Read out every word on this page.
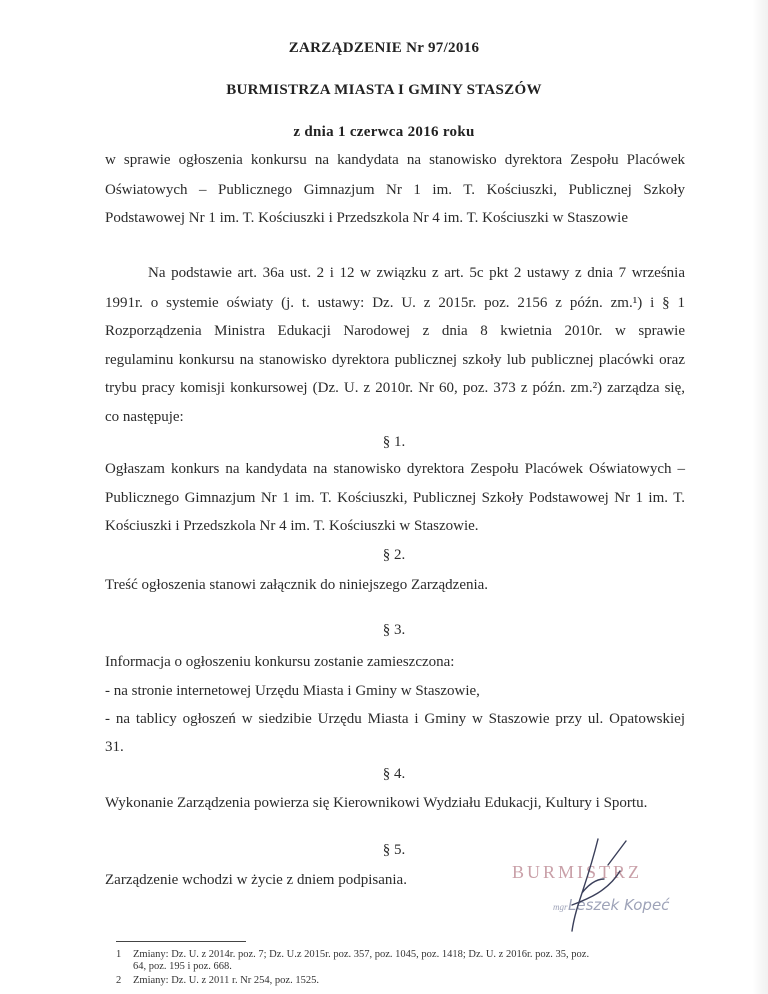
ZARZĄDZENIE Nr 97/2016
BURMISTRZA MIASTA I GMINY STASZÓW
z dnia 1 czerwca 2016 roku
w sprawie ogłoszenia konkursu na kandydata na stanowisko dyrektora Zespołu Placówek
Oświatowych – Publicznego Gimnazjum Nr 1 im. T. Kościuszki, Publicznej Szkoły
Podstawowej Nr 1 im. T. Kościuszki i Przedszkola Nr 4 im. T. Kościuszki w Staszowie
Na podstawie art. 36a ust. 2 i 12 w związku z art. 5c pkt 2 ustawy z dnia 7 września
1991r. o systemie oświaty (j. t. ustawy: Dz. U. z 2015r. poz. 2156 z późn. zm.¹) i § 1
Rozporządzenia Ministra Edukacji Narodowej z dnia 8 kwietnia 2010r. w sprawie
regulaminu konkursu na stanowisko dyrektora publicznej szkoły lub publicznej placówki oraz
trybu pracy komisji konkursowej (Dz. U. z 2010r. Nr 60, poz. 373 z późn. zm.²) zarządza się,
co następuje:
§ 1.
Ogłaszam konkurs na kandydata na stanowisko dyrektora Zespołu Placówek Oświatowych –
Publicznego Gimnazjum Nr 1 im. T. Kościuszki, Publicznej Szkoły Podstawowej Nr 1 im. T.
Kościuszki i Przedszkola Nr 4 im. T. Kościuszki w Staszowie.
§ 2.
Treść ogłoszenia stanowi załącznik do niniejszego Zarządzenia.
§ 3.
Informacja o ogłoszeniu konkursu zostanie zamieszczona:
- na stronie internetowej Urzędu Miasta i Gminy w Staszowie,
- na tablicy ogłoszeń w siedzibie Urzędu Miasta i Gminy w Staszowie przy ul. Opatowskiej
31.
§ 4.
Wykonanie Zarządzenia powierza się Kierownikowi Wydziału Edukacji, Kultury i Sportu.
§ 5.
Zarządzenie wchodzi w życie z dniem podpisania.	BURMISTRZ
mgr Leszek Kopeć
1	Zmiany: Dz. U. z 2014r. poz. 7; Dz. U.z 2015r. poz. 357, poz. 1045, poz. 1418; Dz. U. z 2016r. poz. 35, poz.
64, poz. 195 i poz. 668.
2	Zmiany: Dz. U. z 2011 r. Nr 254, poz. 1525.
